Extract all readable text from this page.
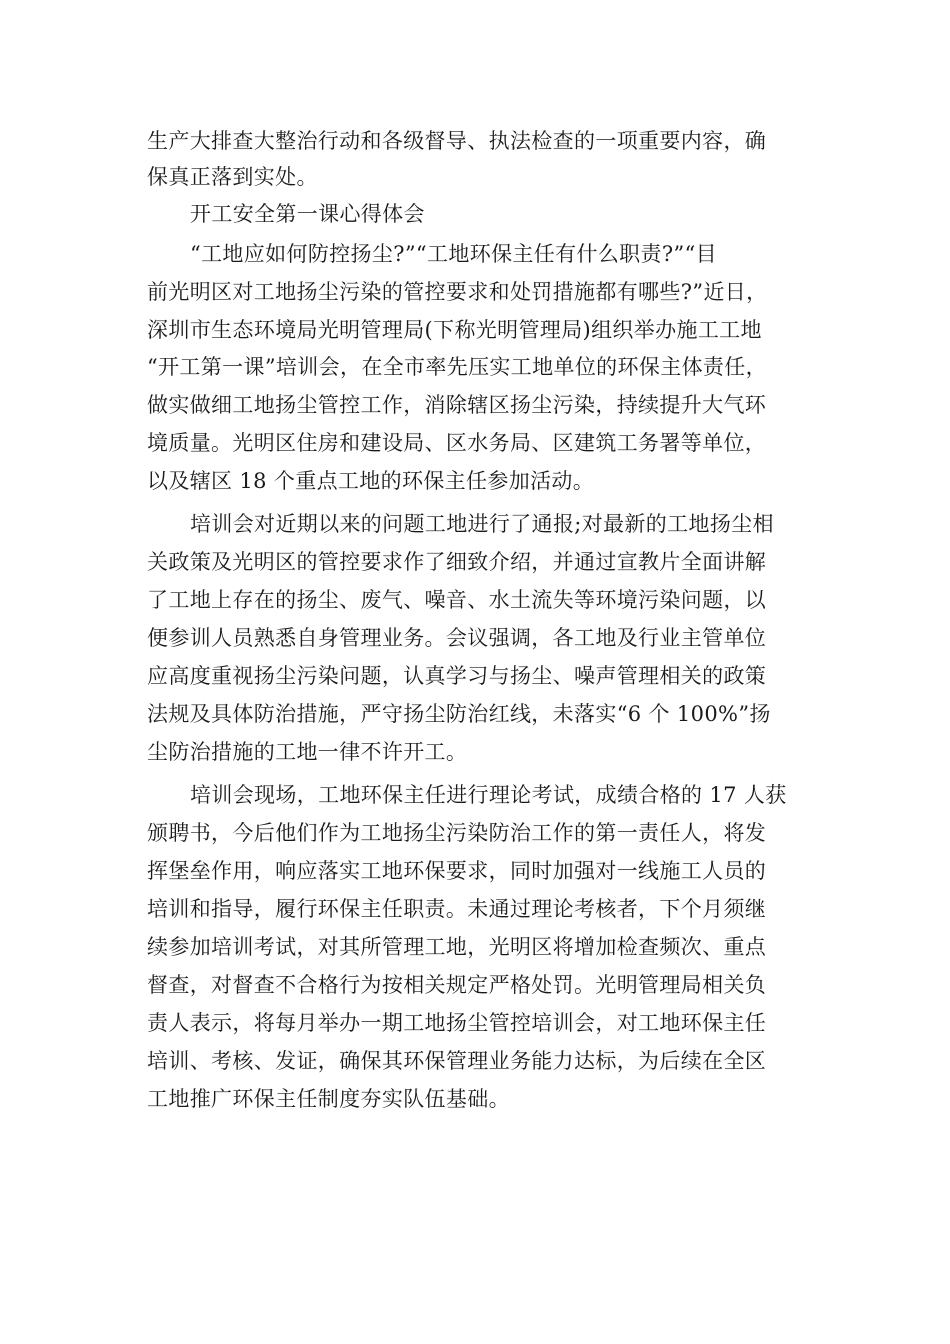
生产大排查大整治行动和各级督导、执法检查的一项重要内容，确

保真正落到实处。

开工安全第一课心得体会

“工地应如何防控扬尘?”“工地环保主任有什么职责?”“目

前光明区对工地扬尘污染的管控要求和处罚措施都有哪些?”近日，

深圳市生态环境局光明管理局(下称光明管理局)组织举办施工工地

“开工第一课”培训会，在全市率先压实工地单位的环保主体责任，

做实做细工地扬尘管控工作，消除辖区扬尘污染，持续提升大气环

境质量。光明区住房和建设局、区水务局、区建筑工务署等单位，

以及辖区 18 个重点工地的环保主任参加活动。

培训会对近期以来的问题工地进行了通报;对最新的工地扬尘相

关政策及光明区的管控要求作了细致介绍，并通过宣教片全面讲解

了工地上存在的扬尘、废气、噪音、水土流失等环境污染问题，以

便参训人员熟悉自身管理业务。会议强调，各工地及行业主管单位

应高度重视扬尘污染问题，认真学习与扬尘、噪声管理相关的政策

法规及具体防治措施，严守扬尘防治红线，未落实“6 个 100%”扬

尘防治措施的工地一律不许开工。

培训会现场，工地环保主任进行理论考试，成绩合格的 17 人获

颁聘书，今后他们作为工地扬尘污染防治工作的第一责任人，将发

挥堡垒作用，响应落实工地环保要求，同时加强对一线施工人员的

培训和指导，履行环保主任职责。未通过理论考核者，下个月须继

续参加培训考试，对其所管理工地，光明区将增加检查频次、重点

督查，对督查不合格行为按相关规定严格处罚。光明管理局相关负

责人表示，将每月举办一期工地扬尘管控培训会，对工地环保主任

培训、考核、发证，确保其环保管理业务能力达标，为后续在全区

工地推广环保主任制度夯实队伍基础。
